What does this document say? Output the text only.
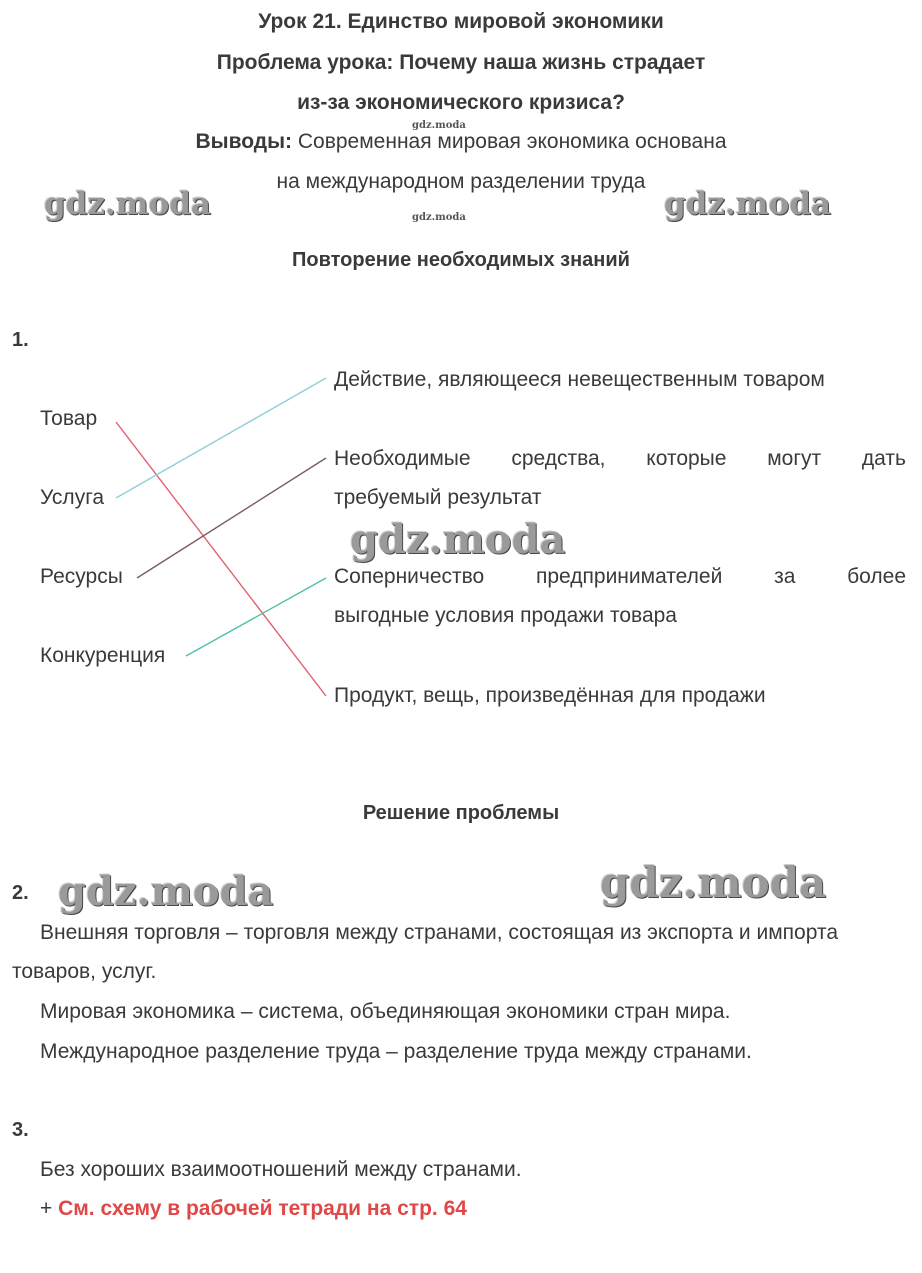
Урок 21. Единство мировой экономики
Проблема урока: Почему наша жизнь страдает
из-за экономического кризиса?
Выводы: Современная мировая экономика основана
на международном разделении труда
Повторение необходимых знаний
1.
Товар
Услуга
Ресурсы
Конкуренция
Действие, являющееся невещественным товаром
Необходимые средства, которые могут дать
требуемый результат
Соперничество предпринимателей за более
выгодные условия продажи товара
Продукт, вещь, произведённая для продажи
Решение проблемы
2.
Внешняя торговля – торговля между странами, состоящая из экспорта и импорта
товаров, услуг.
Мировая экономика – система, объединяющая экономики стран мира.
Международное разделение труда – разделение труда между странами.
3.
Без хороших взаимоотношений между странами.
+ См. схему в рабочей тетради на стр. 64
gdz.moda
gdz.moda
gdz.moda	gdz.moda
gdz.moda
gdz.moda	gdz.moda
